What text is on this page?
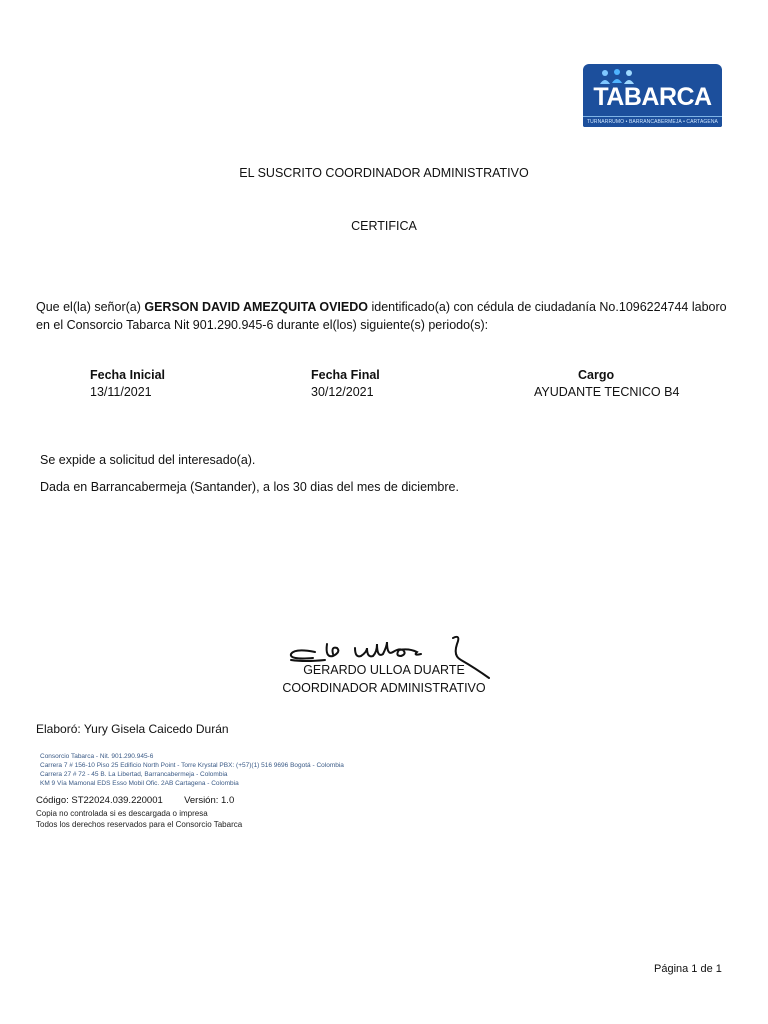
TABARCA
TURNARRUMO • BARRANCABERMEJA • CARTAGENA
EL SUSCRITO COORDINADOR ADMINISTRATIVO
CERTIFICA
Que el(la) señor(a) GERSON DAVID AMEZQUITA OVIEDO identificado(a) con cédula de ciudadanía No.1096224744 laboro
en el Consorcio Tabarca Nit 901.290.945-6 durante el(los) siguiente(s) periodo(s):
Fecha Inicial	Fecha Final	Cargo
13/11/2021	30/12/2021	AYUDANTE TECNICO B4
Se expide a solicitud del interesado(a).
Dada en Barrancabermeja (Santander), a los 30 dias del mes de diciembre.
GERARDO ULLOA DUARTE
COORDINADOR ADMINISTRATIVO
Elaboró: Yury Gisela Caicedo Durán
Consorcio Tabarca - Nit. 901.290.945-6
Carrera 7 # 156-10 Piso 25 Edificio North Point - Torre Krystal PBX: (+57)(1) 516 9696 Bogotá - Colombia
Carrera 27 # 72 - 45 B. La Libertad, Barrancabermeja - Colombia
KM 9 Vía Mamonal EDS Esso Mobil Ofic. 2AB Cartagena - Colombia
Código: ST22024.039.220001 Versión: 1.0
Copia no controlada si es descargada o impresa
Todos los derechos reservados para el Consorcio Tabarca
Página 1 de 1
